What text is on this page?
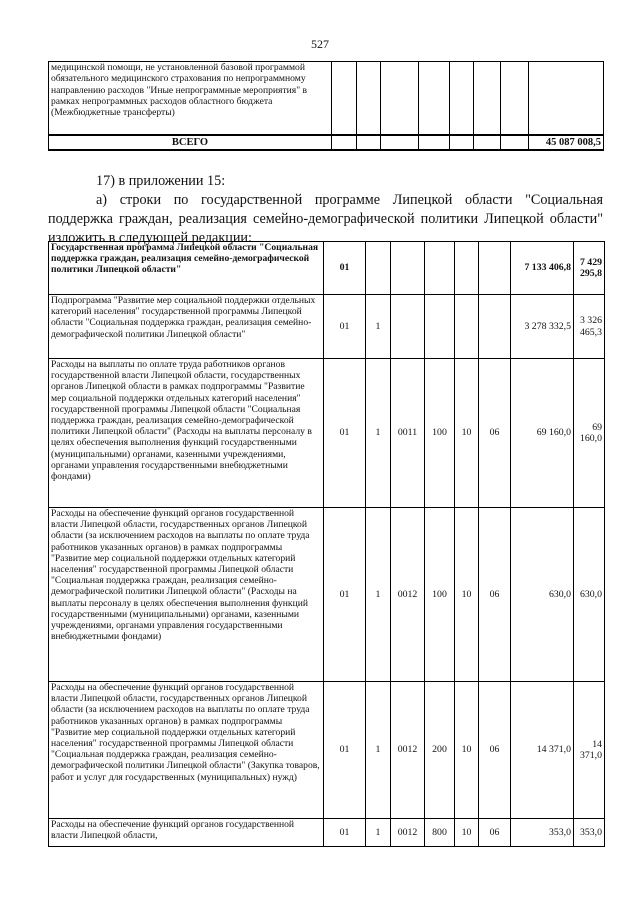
527
медицинской помощи, не установленной базовой программой обязательного медицинского страхования по непрограммному направлению расходов "Иные непрограммные мероприятия" в рамках непрограммных расходов областного бюджета (Межбюджетные трансферты)								
ВСЕГО								45 087 008,5
17) в приложении 15:
а) строки по государственной программе Липецкой области "Социальная поддержка граждан, реализация семейно-демографической политики Липецкой области" изложить в следующей редакции:
Государственная программа Липецкой области "Социальная поддержка граждан, реализация семейно-демографической политики Липецкой области"	01						7 133 406,8	7 429 295,8
Подпрограмма "Развитие мер социальной поддержки отдельных категорий населения" государственной программы Липецкой области "Социальная поддержка граждан, реализация семейно-демографической политики Липецкой области"	01	1					3 278 332,5	3 326 465,3
Расходы на выплаты по оплате труда работников органов государственной власти Липецкой области, государственных органов Липецкой области в рамках подпрограммы "Развитие мер социальной поддержки отдельных категорий населения" государственной программы Липецкой области "Социальная поддержка граждан, реализация семейно-демографической политики Липецкой области" (Расходы на выплаты персоналу в целях обеспечения выполнения функций государственными (муниципальными) органами, казенными учреждениями, органами управления государственными внебюджетными фондами)	01	1	0011	100	10	06	69 160,0	69 160,0
Расходы на обеспечение функций органов государственной власти Липецкой области, государственных органов Липецкой области (за исключением расходов на выплаты по оплате труда работников указанных органов) в рамках подпрограммы "Развитие мер социальной поддержки отдельных категорий населения" государственной программы Липецкой области "Социальная поддержка граждан, реализация семейно-демографической политики Липецкой области" (Расходы на выплаты персоналу в целях обеспечения выполнения функций государственными (муниципальными) органами, казенными учреждениями, органами управления государственными внебюджетными фондами)	01	1	0012	100	10	06	630,0	630,0
Расходы на обеспечение функций органов государственной власти Липецкой области, государственных органов Липецкой области (за исключением расходов на выплаты по оплате труда работников указанных органов) в рамках подпрограммы "Развитие мер социальной поддержки отдельных категорий населения" государственной программы Липецкой области "Социальная поддержка граждан, реализация семейно-демографической политики Липецкой области" (Закупка товаров, работ и услуг для государственных (муниципальных) нужд)	01	1	0012	200	10	06	14 371,0	14 371,0
Расходы на обеспечение функций органов государственной власти Липецкой области,	01	1	0012	800	10	06	353,0	353,0
